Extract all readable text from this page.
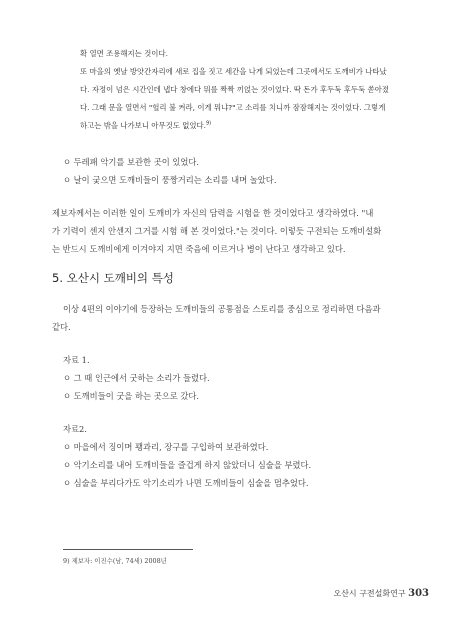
확 열면 조용해지는 것이다.
또 마을의 옛날 방앗간자리에 새로 집을 짓고 세간을 나게 되었는데 그곳에서도 도깨비가 나타났
다. 자정이 넘은 시간인데 냅다 창에다 뭐를 짝짝 끼얹는 것이었다. 딱 돈가 후두둑 후두둑 쏟아졌
다. 그래 문을 열면서 "헐리 불 켜라, 이게 뭐냐?"고 소리를 치니까 잠잠해지는 것이었다. 그렇게
하고는 밖을 나가보니 아무것도 없었다.$^{9)}$
ㅇ 두레패 악기를 보관한 곳이 있었다.
ㅇ 날이 궂으면 도깨비들이 풍짱거리는 소리를 내며 놀았다.
제보자께서는 이러한 일이 도깨비가 자신의 담력을 시험을 한 것이었다고 생각하였다. "내
가 기력이 센지 안센지 그거를 시험 해 본 것이었다."는 것이다. 이렇듯 구전되는 도깨비설화
는 반드시 도깨비에게 이겨야지 지면 죽음에 이르거나 병이 난다고 생각하고 있다.
5. 오산시 도깨비의 특성
이상 4편의 이야기에 등장하는 도깨비들의 공통점을 스토리를 중심으로 정리하면 다음과
같다.
자료 1.
ㅇ 그 때 인근에서 굿하는 소리가 들렸다.
ㅇ 도깨비들이 굿을 하는 곳으로 갔다.
자료2.
ㅇ 마을에서 징이며 꽹과리, 장구를 구입하여 보관하였다.
ㅇ 악기소리를 내어 도깨비들을 즐겁게 하지 않았더니 심술을 부렸다.
ㅇ 심술을 부리다가도 악기소리가 나면 도깨비들이 심술을 멈추었다.
9) 제보자: 이진수(남, 74세) 2008년
오산시 구전설화연구 303
